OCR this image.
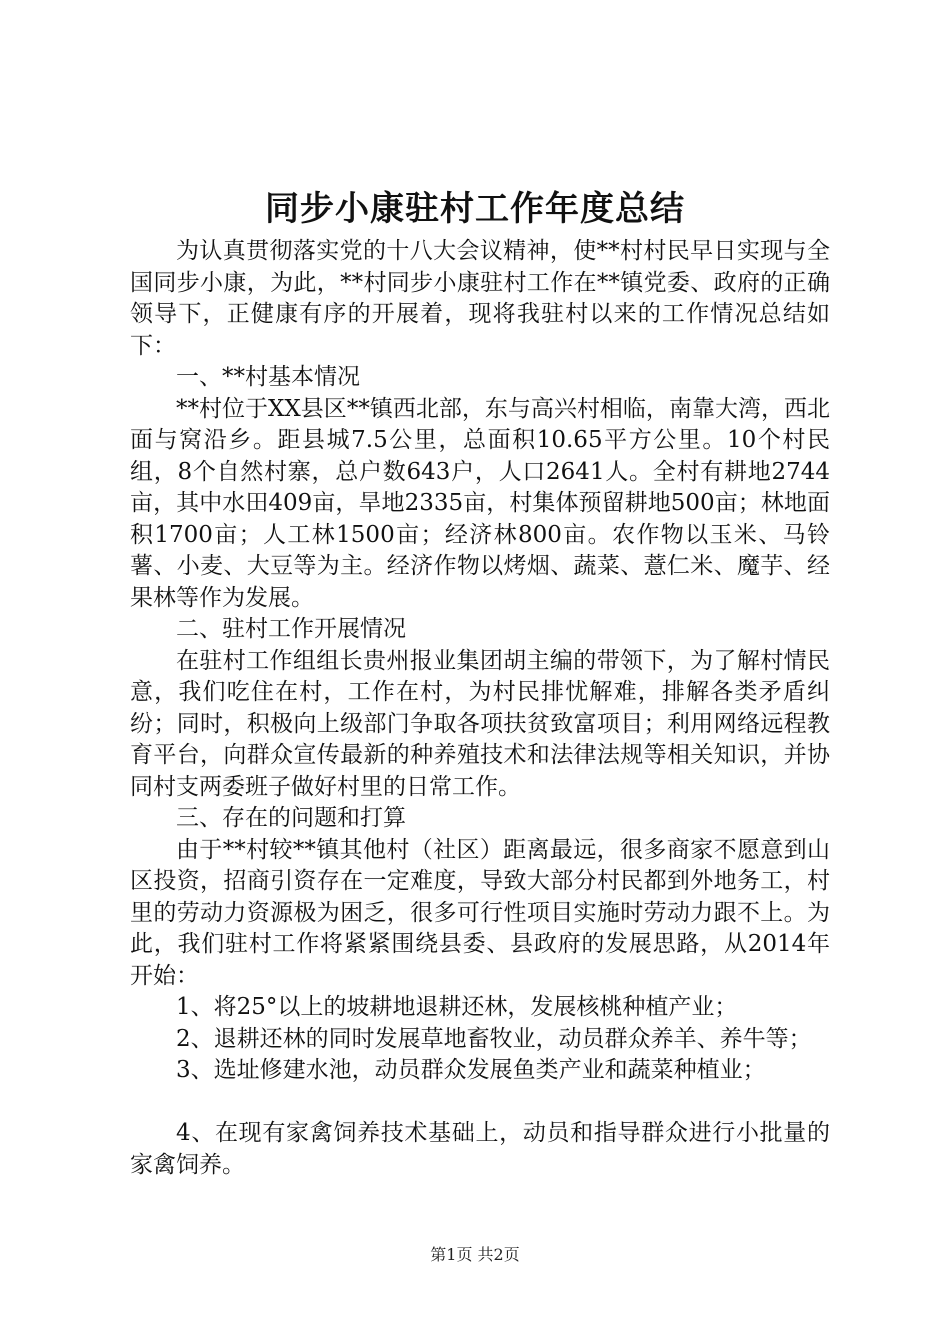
同步小康驻村工作年度总结

为认真贯彻落实党的十八大会议精神，使**村村民早日实现与全国同步小康，为此，**村同步小康驻村工作在**镇党委、政府的正确领导下，正健康有序的开展着，现将我驻村以来的工作情况总结如下：

一、**村基本情况

**村位于XX县区**镇西北部，东与高兴村相临，南靠大湾，西北面与窝沿乡。距县城7.5公里，总面积10.65平方公里。10个村民组，8个自然村寨，总户数643户，人口2641人。全村有耕地2744亩，其中水田409亩，旱地2335亩，村集体预留耕地500亩；林地面积1700亩；人工林1500亩；经济林800亩。农作物以玉米、马铃薯、小麦、大豆等为主。经济作物以烤烟、蔬菜、薏仁米、魔芋、经果林等作为发展。

二、驻村工作开展情况

在驻村工作组组长贵州报业集团胡主编的带领下，为了解村情民意，我们吃住在村，工作在村，为村民排忧解难，排解各类矛盾纠纷；同时，积极向上级部门争取各项扶贫致富项目；利用网络远程教育平台，向群众宣传最新的种养殖技术和法律法规等相关知识，并协同村支两委班子做好村里的日常工作。

三、存在的问题和打算

由于**村较**镇其他村（社区）距离最远，很多商家不愿意到山区投资，招商引资存在一定难度，导致大部分村民都到外地务工，村里的劳动力资源极为困乏，很多可行性项目实施时劳动力跟不上。为此，我们驻村工作将紧紧围绕县委、县政府的发展思路，从2014年开始：

1、将25°以上的坡耕地退耕还林，发展核桃种植产业；

2、退耕还林的同时发展草地畜牧业，动员群众养羊、养牛等；

3、选址修建水池，动员群众发展鱼类产业和蔬菜种植业；

4、在现有家禽饲养技术基础上，动员和指导群众进行小批量的家禽饲养。

第1页 共2页
